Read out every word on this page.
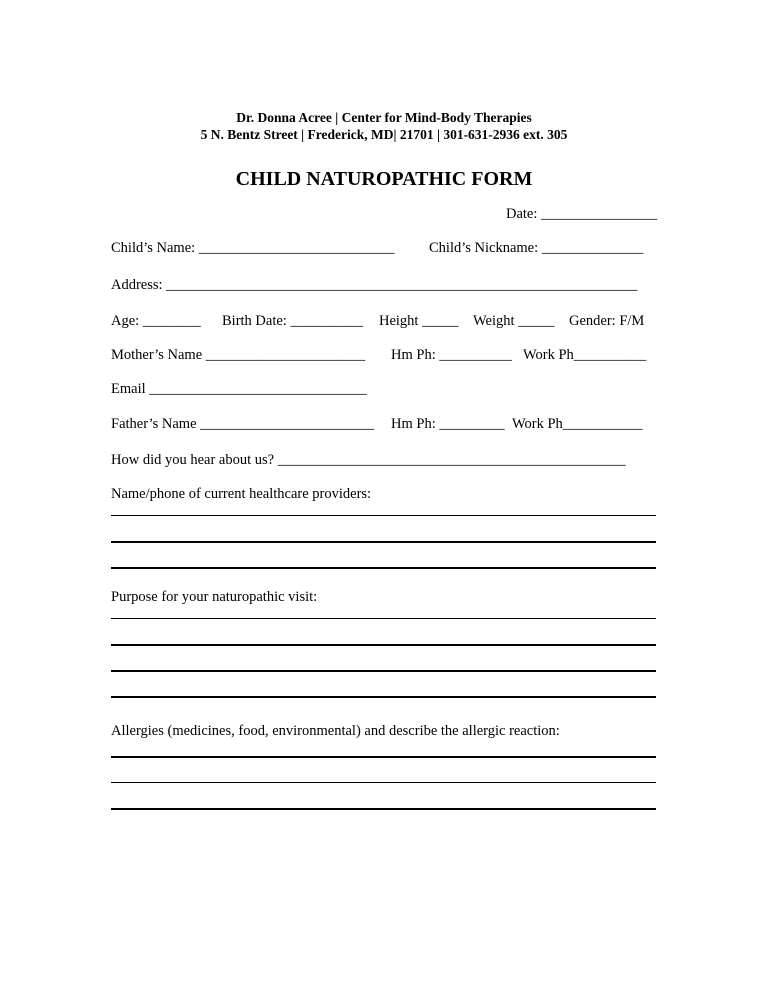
Dr. Donna Acree | Center for Mind-Body Therapies
5 N. Bentz Street | Frederick, MD| 21701 | 301-631-2936 ext. 305
CHILD NATUROPATHIC FORM
Date: ________________
Child’s Name: ___________________________ Child’s Nickname: ______________
Address: _________________________________________________________________
Age: ________ Birth Date: __________ Height _____ Weight _____ Gender: F/M
Mother’s Name ______________________ Hm Ph: __________ Work Ph__________
Email ______________________________
Father’s Name ________________________ Hm Ph: _________ Work Ph___________
How did you hear about us? ________________________________________________
Name/phone of current healthcare providers:
Purpose for your naturopathic visit:
Allergies (medicines, food, environmental) and describe the allergic reaction:
